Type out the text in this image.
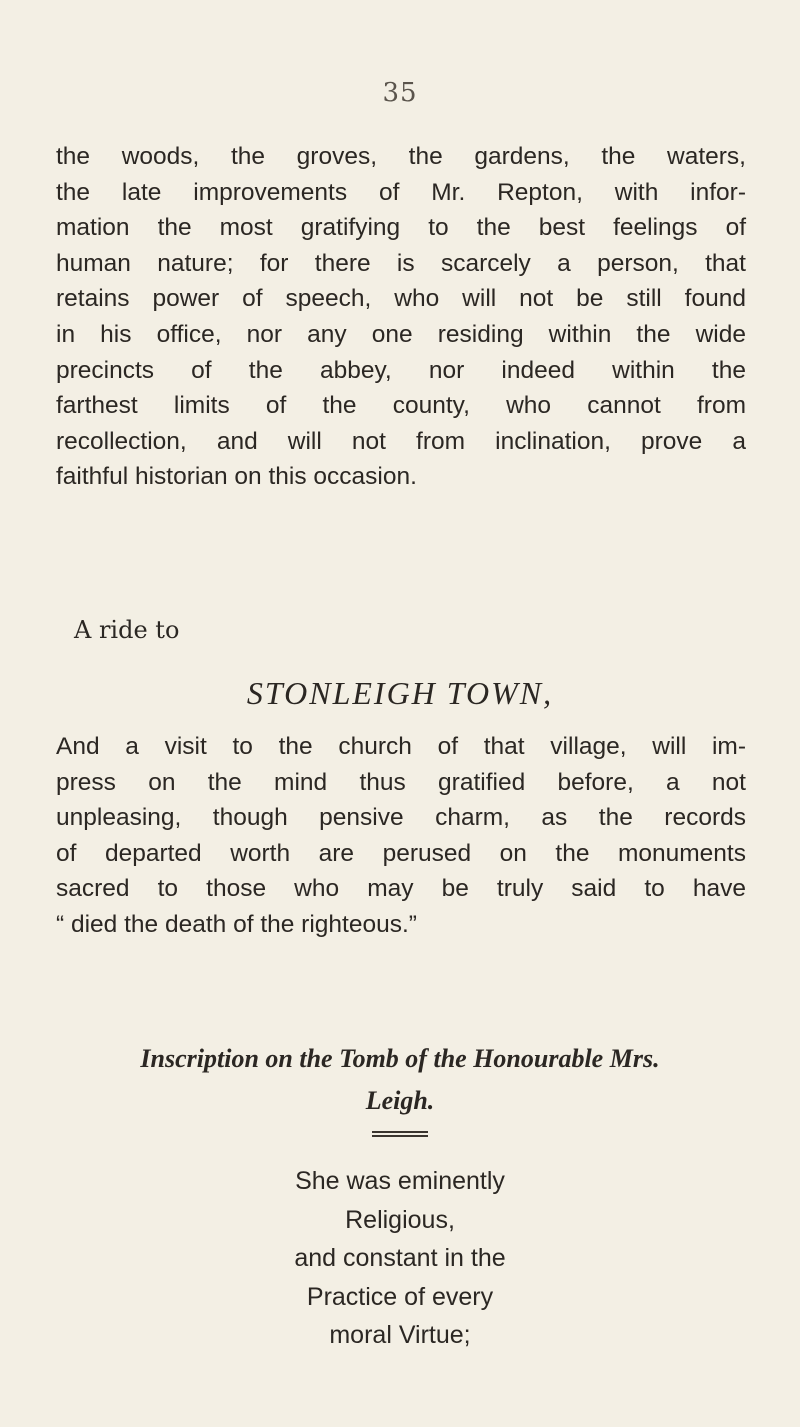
35

the woods, the groves, the gardens, the waters,
the late improvements of Mr. Repton, with infor-
mation the most gratifying to the best feelings of
human nature; for there is scarcely a person, that
retains power of speech, who will not be still found
in his office, nor any one residing within the wide
precincts of the abbey, nor indeed within the
farthest limits of the county, who cannot from
recollection, and will not from inclination, prove a
faithful historian on this occasion.

A ride to
STONLEIGH TOWN,

And a visit to the church of that village, will im-
press on the mind thus gratified before, a not
unpleasing, though pensive charm, as the records
of departed worth are perused on the monuments
sacred to those who may be truly said to have
“ died the death of the righteous.”

Inscription on the Tomb of the Honourable Mrs.
Leigh.
She was eminently
Religious,
and constant in the
Practice of every
moral Virtue;
